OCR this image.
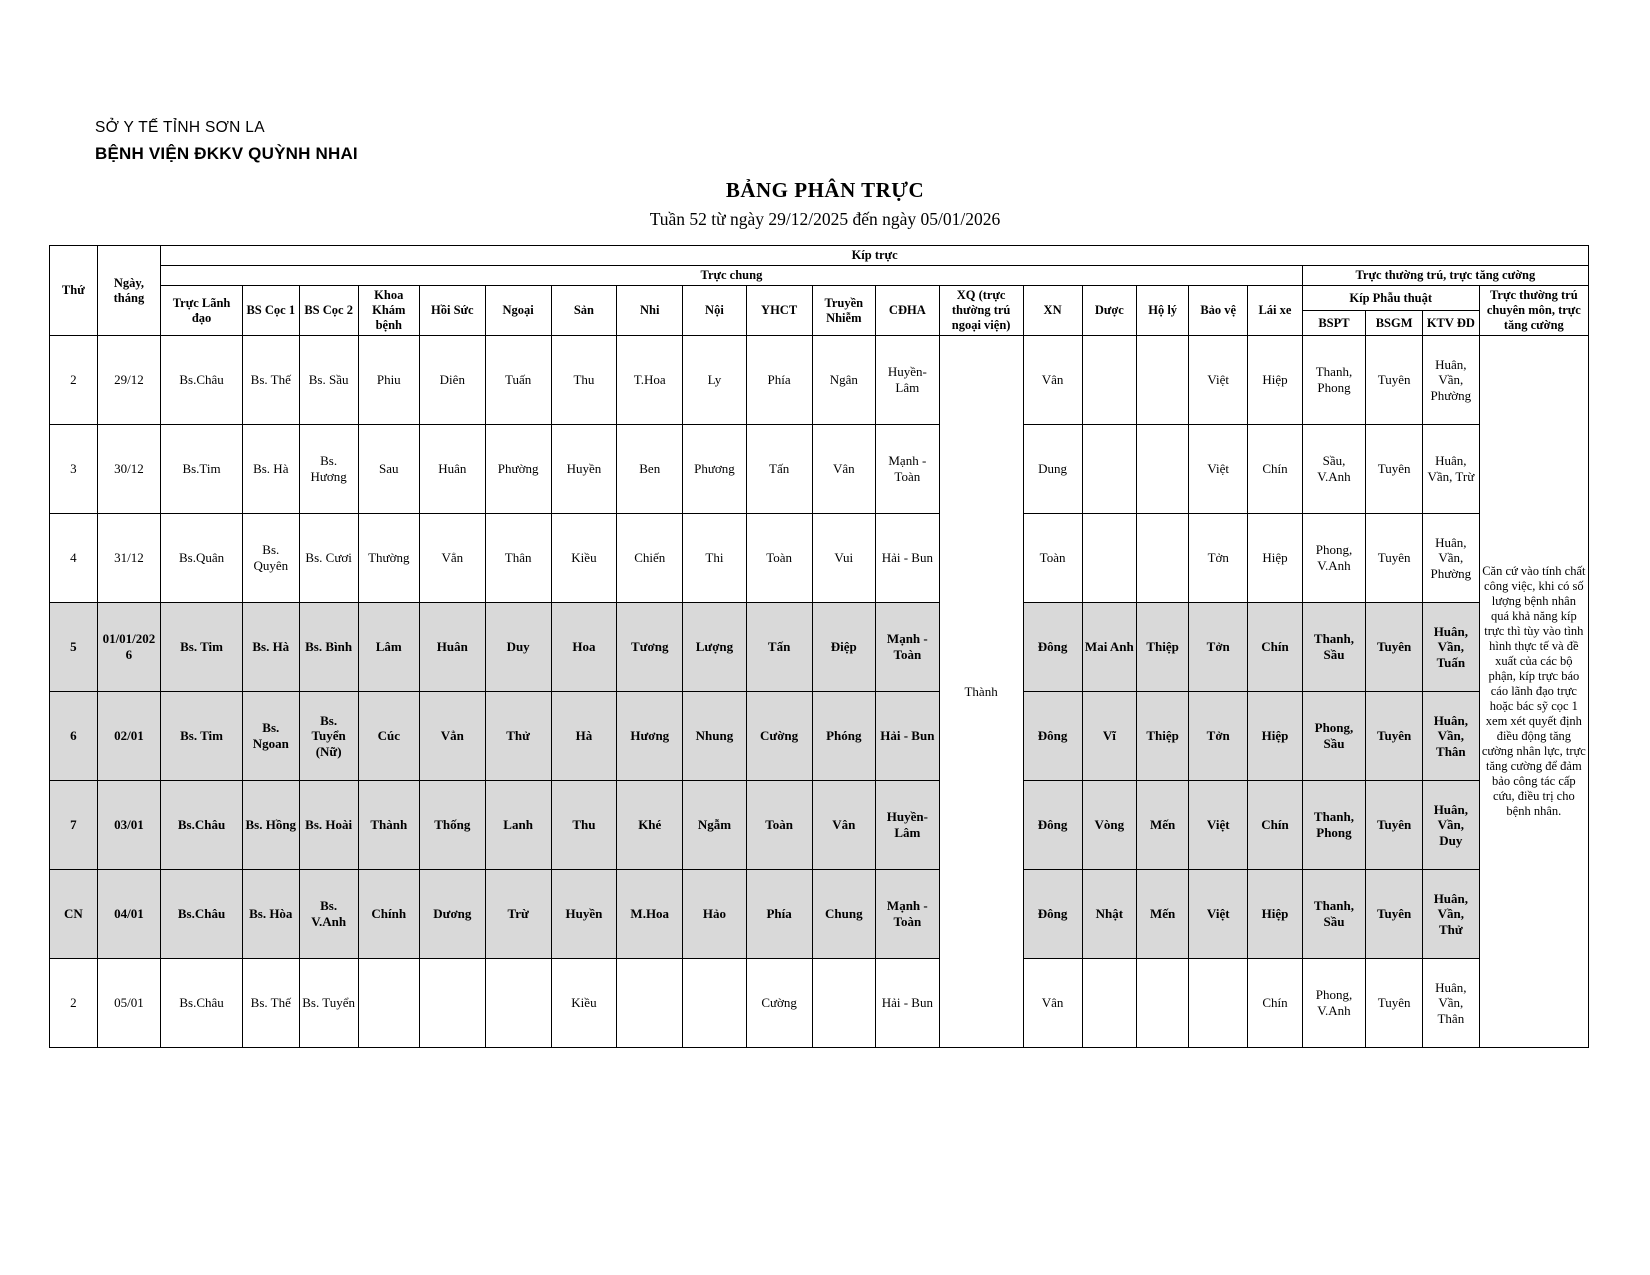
SỞ Y TẾ TỈNH SƠN LA
BỆNH VIỆN ĐKKV QUỲNH NHAI
BẢNG PHÂN TRỰC
Tuần 52 từ ngày 29/12/2025 đến ngày 05/01/2026
Thứ	Ngày, tháng	Kíp trực																					
		Trực chung																		Trực thường trú, trực tăng cường			
		Trực Lãnh đạo	BS Cọc 1	BS Cọc 2	Khoa Khám bệnh	Hồi Sức	Ngoại	Sản	Nhi	Nội	YHCT	Truyền Nhiễm	CĐHA	XQ (trực thường trú ngoại viện)	XN	Dược	Hộ lý	Bảo vệ	Lái xe	Kíp Phẫu thuật			Trực thường trú chuyên môn, trực tăng cường
																				BSPT	BSGM	KTV ĐD	
2	29/12	Bs.Châu	Bs. Thế	Bs. Sầu	Phiu	Diên	Tuấn	Thu	T.Hoa	Ly	Phía	Ngân	Huyền-Lâm	Thành	Vân			Việt	Hiệp	Thanh, Phong	Tuyên	Huân, Vần, Phường	Căn cứ vào tính chất công việc, khi có số lượng bệnh nhân quá khả năng kíp trực thì tùy vào tình hình thực tế và đề xuất của các bộ phận, kíp trực báo cáo lãnh đạo trực hoặc bác sỹ cọc 1 xem xét quyết định điều động tăng cường nhân lực, trực tăng cường để đảm bảo công tác cấp cứu, điều trị cho bệnh nhân.
3	30/12	Bs.Tim	Bs. Hà	Bs. Hương	Sau	Huân	Phường	Huyền	Ben	Phương	Tấn	Vân	Mạnh - Toàn		Dung			Việt	Chín	Sầu, V.Anh	Tuyên	Huân, Vần, Trừ	
4	31/12	Bs.Quân	Bs. Quyên	Bs. Cươi	Thường	Vẳn	Thân	Kiều	Chiến	Thi	Toàn	Vui	Hải - Bun		Toàn			Tởn	Hiệp	Phong, V.Anh	Tuyên	Huân, Vần, Phường	
5	01/01/2026	Bs. Tim	Bs. Hà	Bs. Bình	Lâm	Huân	Duy	Hoa	Tương	Lượng	Tấn	Điệp	Mạnh - Toàn		Đông	Mai Anh	Thiệp	Tởn	Chín	Thanh, Sầu	Tuyên	Huân, Vần, Tuấn	
6	02/01	Bs. Tim	Bs. Ngoan	Bs. Tuyển (Nữ)	Cúc	Vẳn	Thử	Hà	Hương	Nhung	Cường	Phóng	Hải - Bun		Đông	Vĩ	Thiệp	Tởn	Hiệp	Phong, Sầu	Tuyên	Huân, Vần, Thân	
7	03/01	Bs.Châu	Bs. Hồng	Bs. Hoài	Thành	Thống	Lanh	Thu	Khé	Ngẫm	Toàn	Vân	Huyền-Lâm		Đông	Vòng	Mến	Việt	Chín	Thanh, Phong	Tuyên	Huân, Vần, Duy	
CN	04/01	Bs.Châu	Bs. Hòa	Bs. V.Anh	Chính	Dương	Trừ	Huyền	M.Hoa	Hảo	Phía	Chung	Mạnh - Toàn		Đông	Nhật	Mến	Việt	Hiệp	Thanh, Sầu	Tuyên	Huân, Vần, Thử	
2	05/01	Bs.Châu	Bs. Thế	Bs. Tuyển				Kiều			Cường		Hải - Bun		Vân				Chín	Phong, V.Anh	Tuyên	Huân, Vần, Thân	
